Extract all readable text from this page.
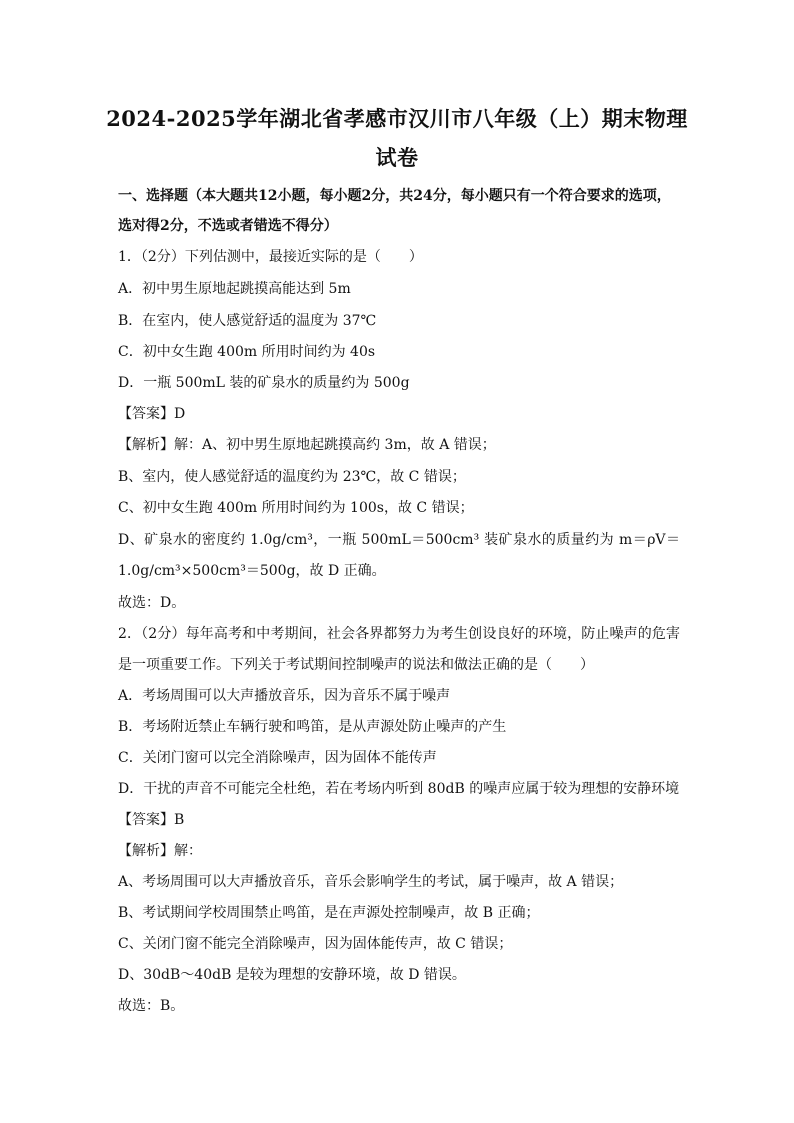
2024-2025学年湖北省孝感市汉川市八年级（上）期末物理
试卷
一、选择题（本大题共12小题，每小题2分，共24分，每小题只有一个符合要求的选项，
选对得2分，不选或者错选不得分）
1．（2分）下列估测中，最接近实际的是（　　）
A．初中男生原地起跳摸高能达到 5m
B．在室内，使人感觉舒适的温度为 37℃
C．初中女生跑 400m 所用时间约为 40s
D．一瓶 500mL 装的矿泉水的质量约为 500g
【答案】D
【解析】解：A、初中男生原地起跳摸高约 3m，故 A 错误；
B、室内，使人感觉舒适的温度约为 23℃，故 C 错误；
C、初中女生跑 400m 所用时间约为 100s，故 C 错误；
D、矿泉水的密度约 1.0g/cm³，一瓶 500mL＝500cm³ 装矿泉水的质量约为 m＝ρV＝
1.0g/cm³×500cm³＝500g，故 D 正确。
故选：D。
2．（2分）每年高考和中考期间，社会各界都努力为考生创设良好的环境，防止噪声的危害
是一项重要工作。下列关于考试期间控制噪声的说法和做法正确的是（　　）
A．考场周围可以大声播放音乐，因为音乐不属于噪声
B．考场附近禁止车辆行驶和鸣笛，是从声源处防止噪声的产生
C．关闭门窗可以完全消除噪声，因为固体不能传声
D．干扰的声音不可能完全杜绝，若在考场内听到 80dB 的噪声应属于较为理想的安静环境
【答案】B
【解析】解：
A、考场周围可以大声播放音乐，音乐会影响学生的考试，属于噪声，故 A 错误；
B、考试期间学校周围禁止鸣笛，是在声源处控制噪声，故 B 正确；
C、关闭门窗不能完全消除噪声，因为固体能传声，故 C 错误；
D、30dB～40dB 是较为理想的安静环境，故 D 错误。
故选：B。
